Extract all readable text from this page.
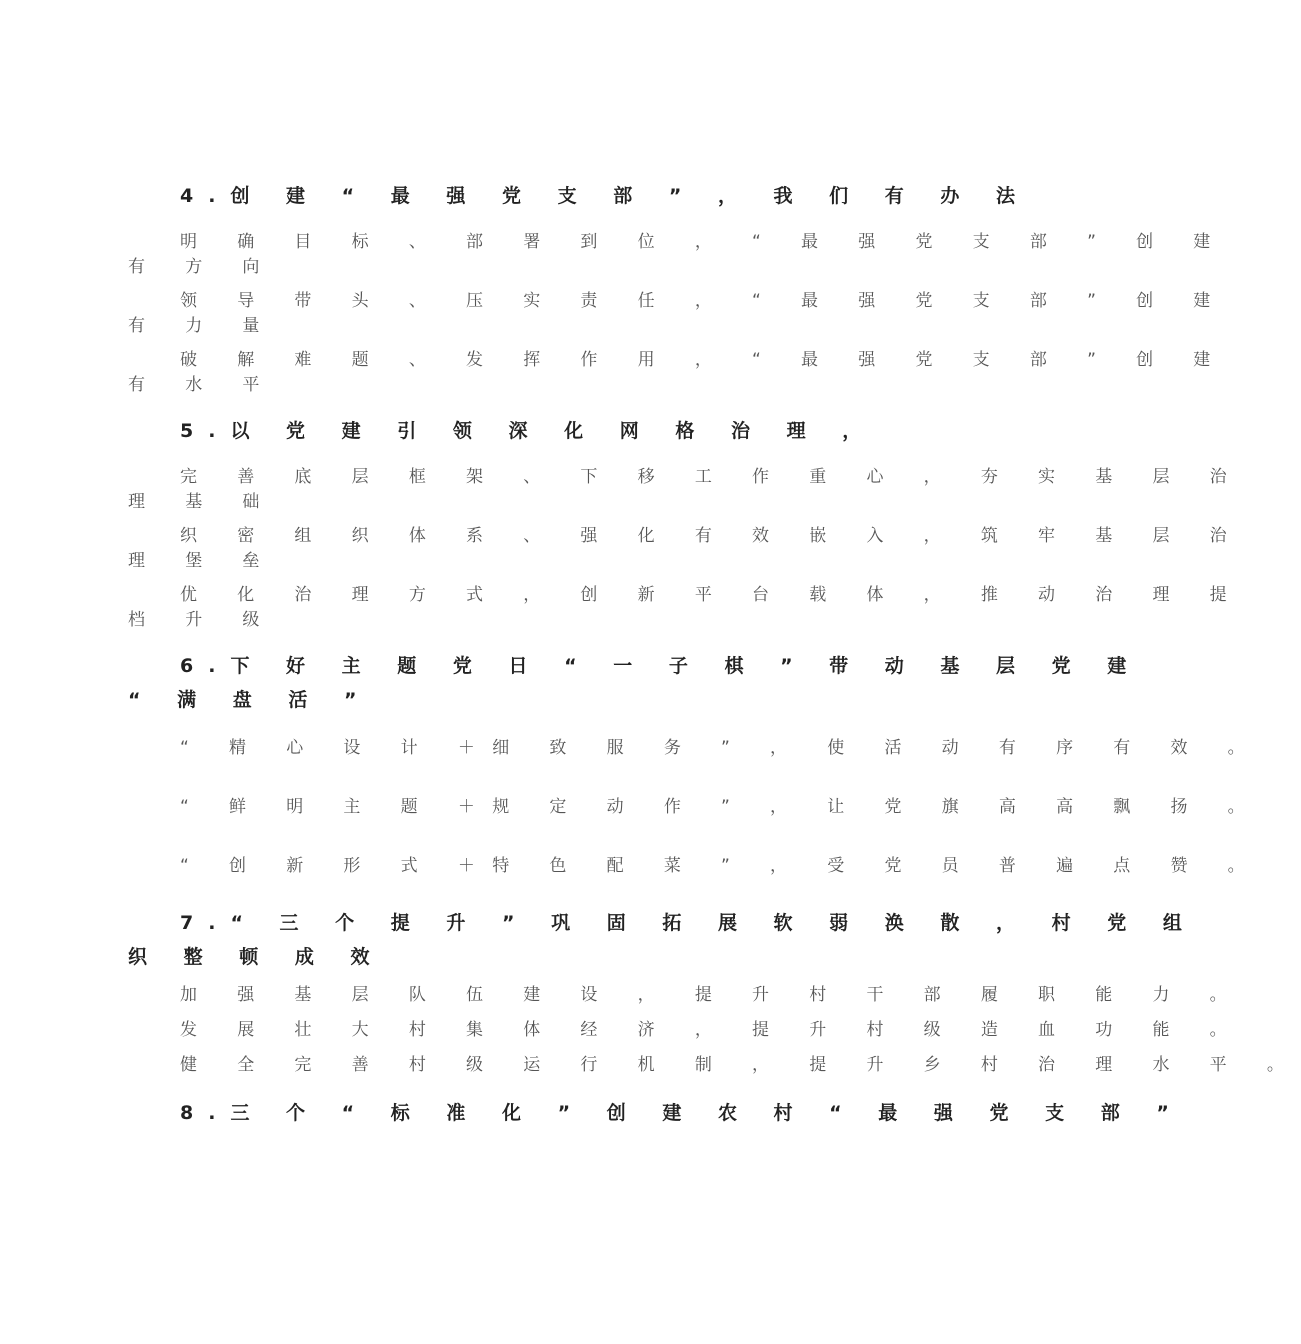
4.创 建 “ 最 强 党 支 部 ” ， 我 们 有 办 法

明 确 目 标 、 部 署 到 位 ， “ 最 强 党 支 部 ” 创 建

有 方 向

领 导 带 头 、 压 实 责 任 ， “ 最 强 党 支 部 ” 创 建

有 力 量

破 解 难 题 、 发 挥 作 用 ， “ 最 强 党 支 部 ” 创 建

有 水 平

5.以 党 建 引 领 深 化 网 格 治 理 ，

完 善 底 层 框 架 、 下 移 工 作 重 心 ， 夯 实 基 层 治

理 基 础

织 密 组 织 体 系 、 强 化 有 效 嵌 入 ， 筑 牢 基 层 治

理 堡 垒

优 化 治 理 方 式 ， 创 新 平 台 载 体 ， 推 动 治 理 提

档 升 级

6.下 好 主 题 党 日 “ 一 子 棋 ” 带 动 基 层 党 建

“ 满 盘 活 ”

“ 精 心 设 计 ＋细 致 服 务 ” ， 使 活 动 有 序 有 效 。

“ 鲜 明 主 题 ＋规 定 动 作 ” ， 让 党 旗 高 高 飘 扬 。

“ 创 新 形 式 ＋特 色 配 菜 ” ， 受 党 员 普 遍 点 赞 。

7.“ 三 个 提 升 ” 巩 固 拓 展 软 弱 涣 散 ， 村 党 组

织 整 顿 成 效

加 强 基 层 队 伍 建 设 ， 提 升 村 干 部 履 职 能 力 。

发 展 壮 大 村 集 体 经 济 ， 提 升 村 级 造 血 功 能 。

健 全 完 善 村 级 运 行 机 制 ， 提 升 乡 村 治 理 水 平 。

8.三 个 “ 标 准 化 ” 创 建 农 村 “ 最 强 党 支 部 ”
